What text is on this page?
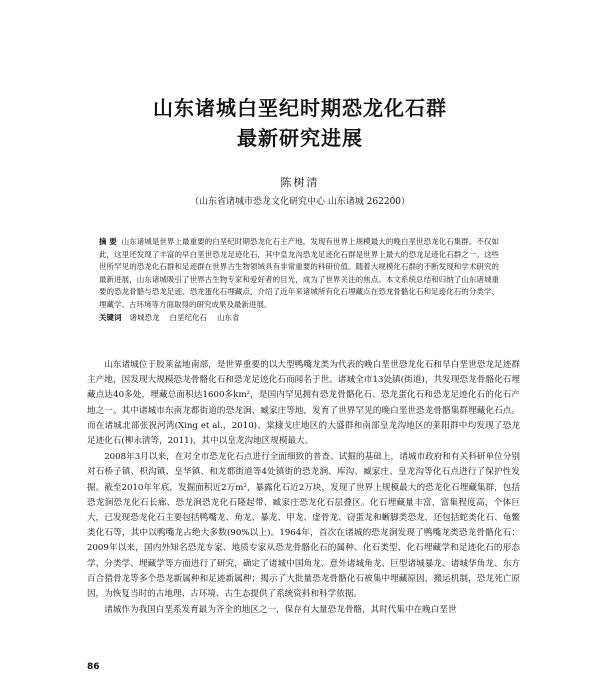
山东诸城白垩纪时期恐龙化石群
最新研究进展

陈树清

（山东省诸城市恐龙文化研究中心 山东诸城 262200）

摘 要 山东诸城是世界上最重要的白垩纪时期恐龙化石主产地，发现有世界上规模最大的晚白垩世恐龙化石集群。不仅如此，这里还发现了丰富的早白垩世恐龙足迹化石，其中皇龙沟恐龙足迹化石群是世界上最大的恐龙足迹化石群之一。这些世所罕见的恐龙化石群和足迹群在世界古生物领域具有非常重要的科研价值。随着大规模化石群的不断发现和学术研究的最新进展，山东诸城吸引了世界古生物专家和爱好者的目光，成为了世界关注的焦点。本文系统总结和归纳了山东诸城重要的恐龙骨骼与恐龙足迹、恐龙蛋化石埋藏点，介绍了近年来诸城所有化石埋藏点在恐龙骨骼化石和足迹化石的分类学、埋藏学、古环境等方面取得的研究成果及最新进展。

关键词 诸城恐龙 白垩纪化石 山东省

山东诸城位于胶莱盆地南部，是世界重要的以大型鸭嘴龙类为代表的晚白垩世恐龙化石和早白垩世恐龙足迹群主产地，因发现大规模恐龙骨骼化石和恐龙足迹化石而闻名于世。诸城全市13处镇(街道)，共发现恐龙骨骼化石埋藏点达40多处，埋藏总面积达1600多km²，是国内罕见拥有恐龙骨骼化石、恐龙蛋化石和恐龙足迹化石的化石产地之一。其中诸城市东南龙都街道的恐龙涧、臧家庄等地，发育了世界罕见的晚白垩世恐龙骨骼集群埋藏化石点。而在诸城北部张祝河湾(Xing et al.，2010)、棠棣戈庄地区的大盛群和南部皇龙沟地区的莱阳群中均发现了恐龙足迹化石(柳永清等，2011)，其中以皇龙沟地区规模最大。

2008年3月以来，在对全市恐龙化石点进行全面细致的普查、试掘的基础上，诸城市政府和有关科研单位分别对石桥子镇、枳沟镇、皇华镇、和龙都街道等4处镇街的恐龙涧、库沟、臧家庄、皇龙沟等化石点进行了保护性发掘。截至2010年年底，发掘面积近2万m²，暴露化石近2万块，发现了世界上规模最大的恐龙化石埋藏集群，包括恐龙涧恐龙化石长廊、恐龙涧恐龙化石隆起带、臧家庄恐龙化石层叠区。化石埋藏量丰富，富集程度高，个体巨大，已发现恐龙化石主要包括鸭嘴龙、角龙、暴龙、甲龙、虚骨龙、窃蛋龙和蜥脚类恐龙，还包括蛇类化石、龟鳖类化石等，其中以鸭嘴龙占绝大多数(90%以上)。1964年，首次在诸城的恐龙涧发现了鸭嘴龙类恐龙骨骼化石；2009年以来，国内外知名恐龙专家、地质专家从恐龙骨骼化石的属种、化石类型、化石埋藏学和足迹化石的形态学、分类学、埋藏学等方面进行了研究，确定了诸城中国角龙、意外诸城角龙、巨型诸城暴龙、诸城华角龙、东方百合猎骨龙等多个恐龙新属种和足迹新属种；揭示了大批量恐龙骨骼化石被集中埋藏原因，搬运机制，恐龙死亡原因，为恢复当时的古地理、古环境、古生态提供了系统资料和科学依据。

诸城作为我国白垩系发育最为齐全的地区之一，保存有大量恐龙骨骼，其时代集中在晚白垩世

86
